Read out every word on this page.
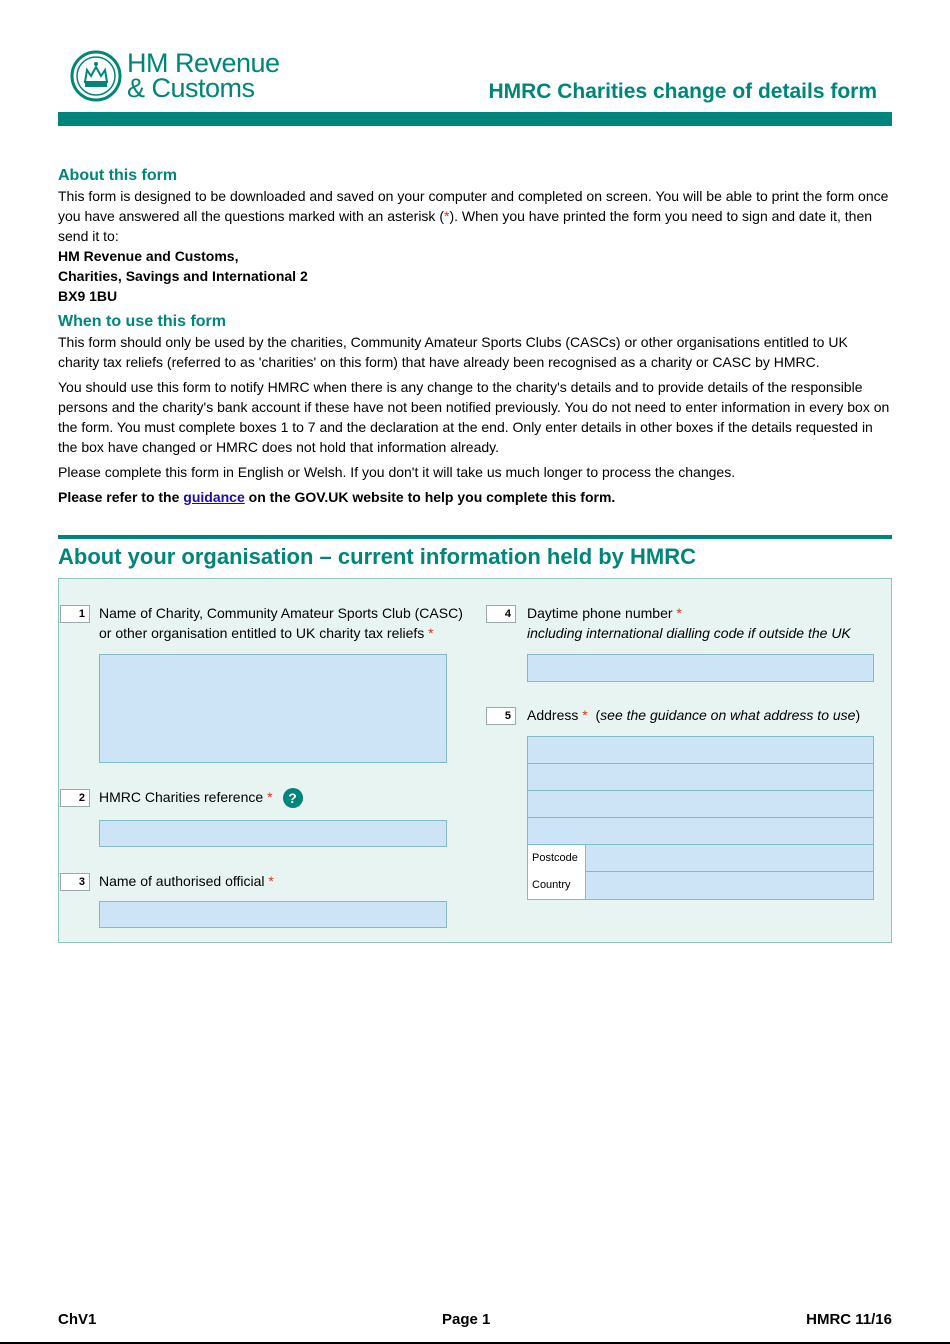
HM Revenue
& Customs	HMRC Charities change of details form
About this form

This form is designed to be downloaded and saved on your computer and completed on screen. You will be able to print the form once you have answered all the questions marked with an asterisk (*). When you have printed the form you need to sign and date it, then send it to:

HM Revenue and Customs,

Charities, Savings and International 2

BX9 1BU

When to use this form

This form should only be used by the charities, Community Amateur Sports Clubs (CASCs) or other organisations entitled to UK charity tax reliefs (referred to as 'charities' on this form) that have already been recognised as a charity or CASC by HMRC.

You should use this form to notify HMRC when there is any change to the charity's details and to provide details of the responsible persons and the charity's bank account if these have not been notified previously. You do not need to enter information in every box on the form. You must complete boxes 1 to 7 and the declaration at the end. Only enter details in other boxes if the details requested in the box have changed or HMRC does not hold that information already.

Please complete this form in English or Welsh. If you don't it will take us much longer to process the changes.

Please refer to the guidance on the GOV.UK website to help you complete this form.

About your organisation – current information held by HMRC
1	Name of Charity, Community Amateur Sports Club (CASC)
or other organisation entitled to UK charity tax reliefs *
2	HMRC Charities reference * ?
3	Name of authorised official *
4	Daytime phone number *
including international dialling code if outside the UK
5	Address * (see the guidance on what address to use)
Postcode
Country
ChV1	Page 1	HMRC 11/16
